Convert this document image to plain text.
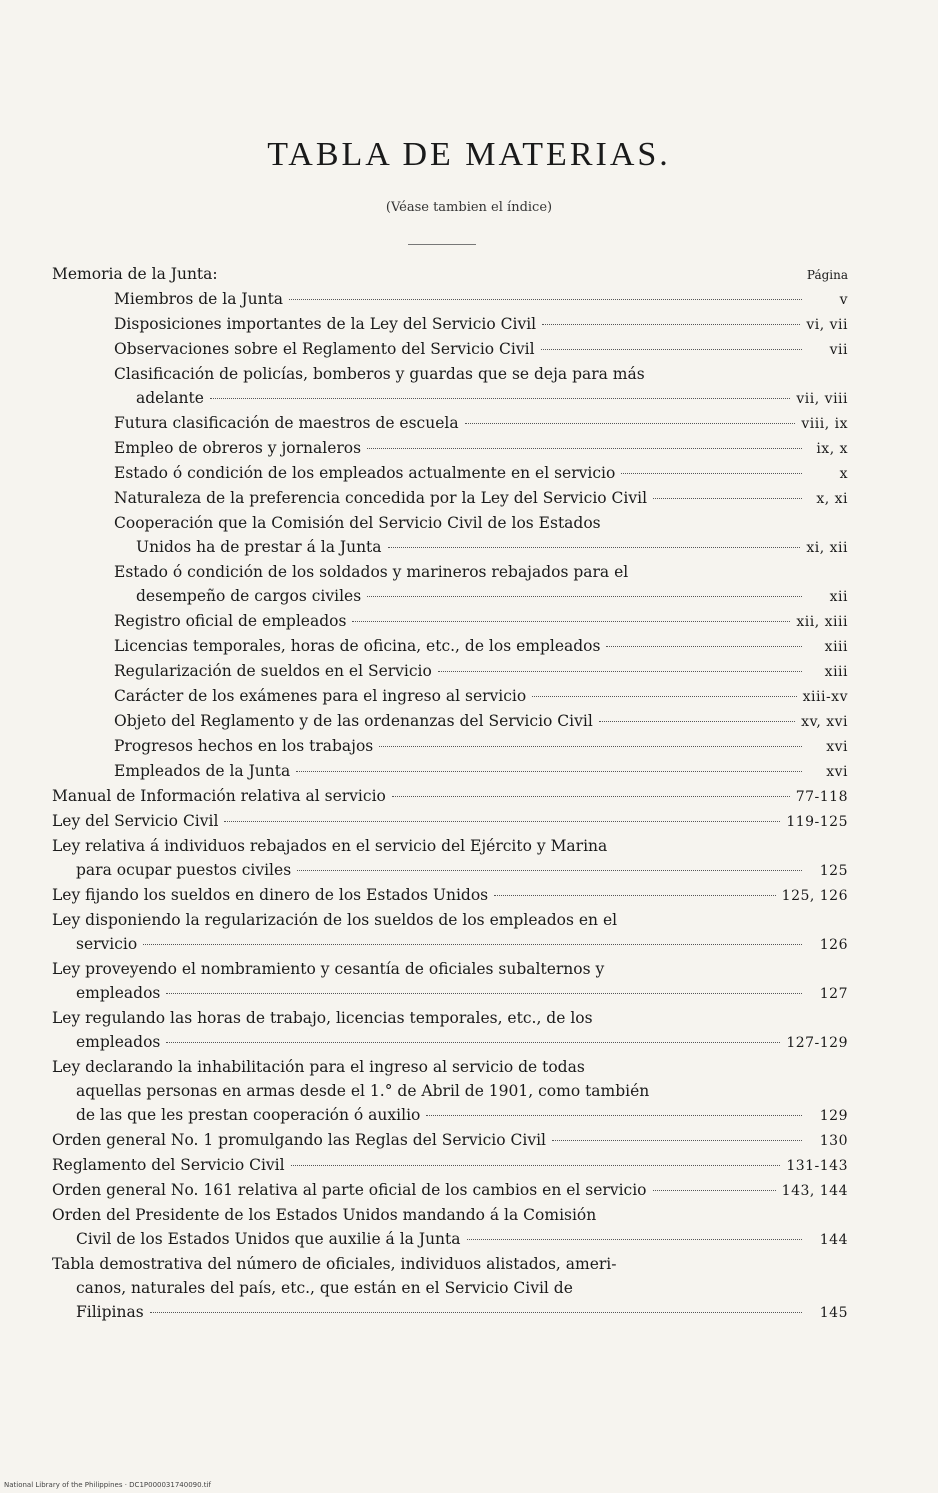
TABLA DE MATERIAS.
(Véase tambien el índice)
Memoria de la Junta:	Página
Miembros de la Junta	v
Disposiciones importantes de la Ley del Servicio Civil	vi, vii
Observaciones sobre el Reglamento del Servicio Civil	vii
Clasificación de policías, bomberos y guardas que se deja para más
adelante	vii, viii
Futura clasificación de maestros de escuela	viii, ix
Empleo de obreros y jornaleros	ix, x
Estado ó condición de los empleados actualmente en el servicio	x
Naturaleza de la preferencia concedida por la Ley del Servicio Civil	x, xi
Cooperación que la Comisión del Servicio Civil de los Estados
Unidos ha de prestar á la Junta	xi, xii
Estado ó condición de los soldados y marineros rebajados para el
desempeño de cargos civiles	xii
Registro oficial de empleados	xii, xiii
Licencias temporales, horas de oficina, etc., de los empleados	xiii
Regularización de sueldos en el Servicio	xiii
Carácter de los exámenes para el ingreso al servicio	xiii-xv
Objeto del Reglamento y de las ordenanzas del Servicio Civil	xv, xvi
Progresos hechos en los trabajos	xvi
Empleados de la Junta	xvi
Manual de Información relativa al servicio	77-118
Ley del Servicio Civil	119-125
Ley relativa á individuos rebajados en el servicio del Ejército y Marina
para ocupar puestos civiles	125
Ley fijando los sueldos en dinero de los Estados Unidos	125, 126
Ley disponiendo la regularización de los sueldos de los empleados en el
servicio	126
Ley proveyendo el nombramiento y cesantía de oficiales subalternos y
empleados	127
Ley regulando las horas de trabajo, licencias temporales, etc., de los
empleados	127-129
Ley declarando la inhabilitación para el ingreso al servicio de todas
aquellas personas en armas desde el 1.° de Abril de 1901, como también
de las que les prestan cooperación ó auxilio	129
Orden general No. 1 promulgando las Reglas del Servicio Civil	130
Reglamento del Servicio Civil	131-143
Orden general No. 161 relativa al parte oficial de los cambios en el servicio	143, 144
Orden del Presidente de los Estados Unidos mandando á la Comisión
Civil de los Estados Unidos que auxilie á la Junta	144
Tabla demostrativa del número de oficiales, individuos alistados, ameri-
canos, naturales del país, etc., que están en el Servicio Civil de
Filipinas	145
National Library of the Philippines · DC1P000031740090.tif
